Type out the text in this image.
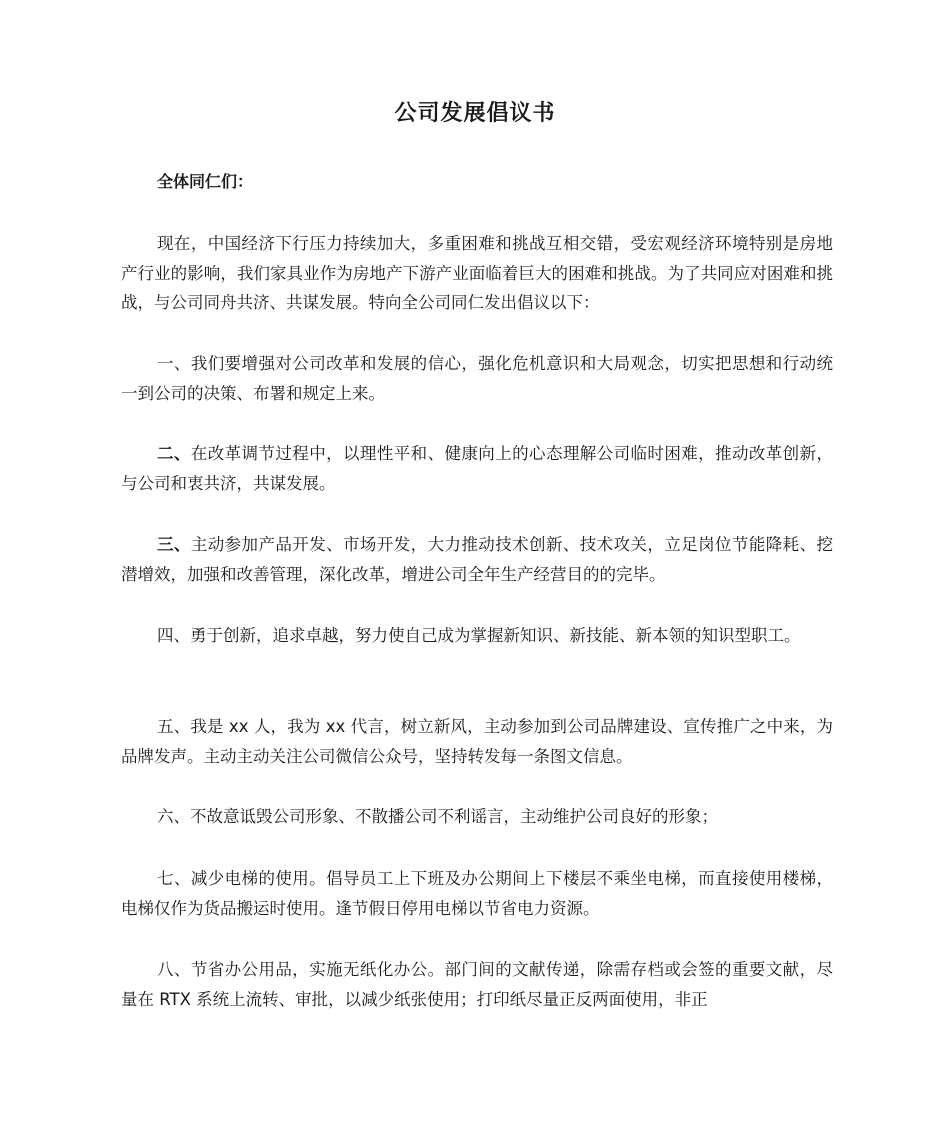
公司发展倡议书

全体同仁们：

现在，中国经济下行压力持续加大，多重困难和挑战互相交错，受宏观经济环境特别是房地产行业的影响，我们家具业作为房地产下游产业面临着巨大的困难和挑战。为了共同应对困难和挑战，与公司同舟共济、共谋发展。特向全公司同仁发出倡议以下：

一、我们要增强对公司改革和发展的信心，强化危机意识和大局观念，切实把思想和行动统一到公司的决策、布署和规定上来。

二、在改革调节过程中，以理性平和、健康向上的心态理解公司临时困难，推动改革创新，与公司和衷共济，共谋发展。

三、主动参加产品开发、市场开发，大力推动技术创新、技术攻关，立足岗位节能降耗、挖潜增效，加强和改善管理，深化改革，增进公司全年生产经营目的的完毕。

四、勇于创新，追求卓越，努力使自己成为掌握新知识、新技能、新本领的知识型职工。

五、我是 xx 人，我为 xx 代言，树立新风，主动参加到公司品牌建设、宣传推广之中来，为品牌发声。主动主动关注公司微信公众号，坚持转发每一条图文信息。

六、不故意诋毁公司形象、不散播公司不利谣言，主动维护公司良好的形象；

七、减少电梯的使用。倡导员工上下班及办公期间上下楼层不乘坐电梯，而直接使用楼梯，电梯仅作为货品搬运时使用。逢节假日停用电梯以节省电力资源。

八、节省办公用品，实施无纸化办公。部门间的文献传递，除需存档或会签的重要文献，尽量在 RTX 系统上流转、审批，以减少纸张使用；打印纸尽量正反两面使用，非正
